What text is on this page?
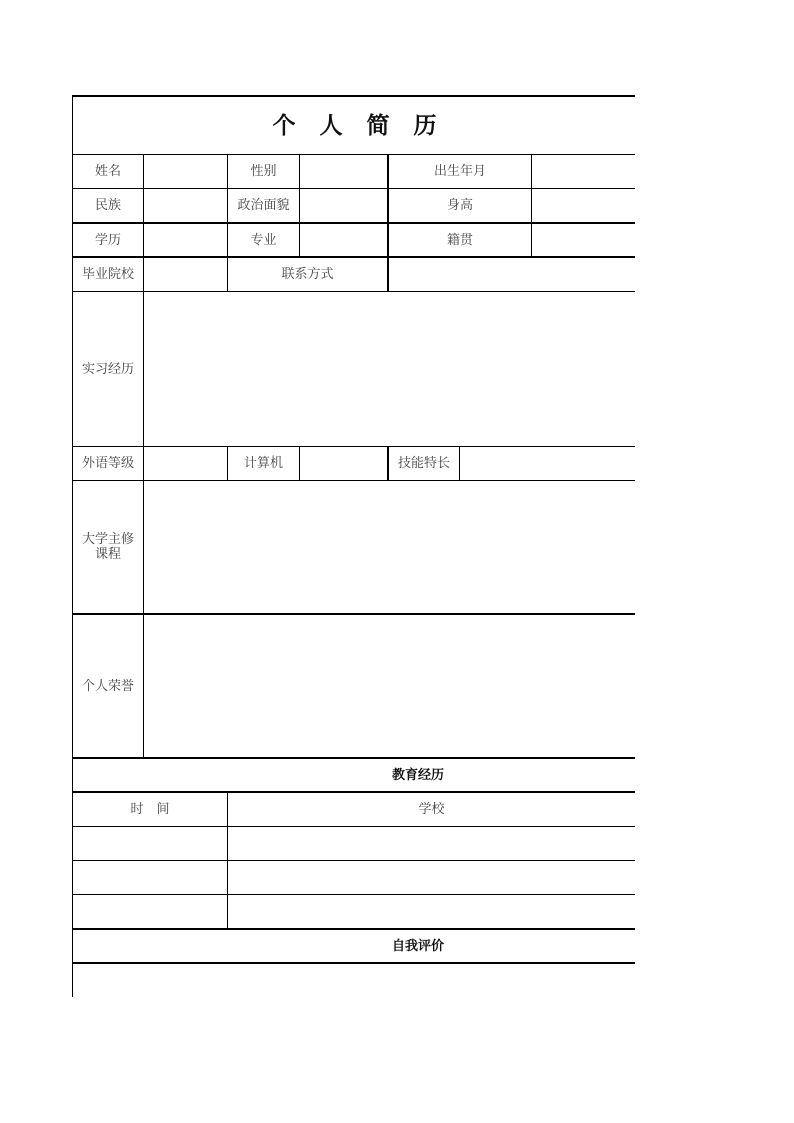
个人简历
姓名	性别	出生年月
民族	政治面貌	身高
学历	专业	籍贯
毕业院校	联系方式
实习经历
外语等级	计算机	技能特长
大学主修课程
个人荣誉
教育经历
时　间	学校
自我评价
